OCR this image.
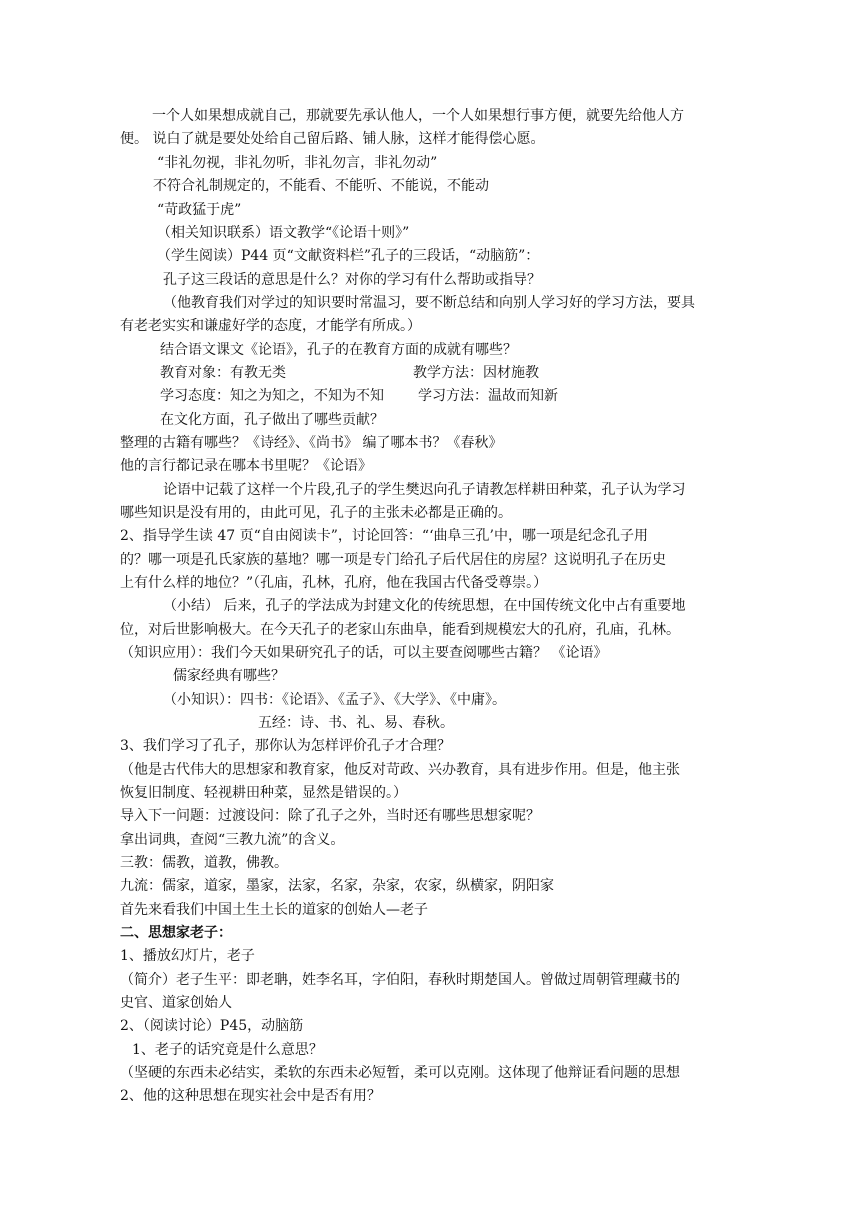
一个人如果想成就自己，那就要先承认他人，一个人如果想行事方便，就要先给他人方
便。 说白了就是要处处给自己留后路、铺人脉，这样才能得偿心愿。
“非礼勿视，非礼勿听，非礼勿言，非礼勿动”
不符合礼制规定的，不能看、不能听、不能说，不能动
“苛政猛于虎”
（相关知识联系）语文教学“《论语十则》”
（学生阅读）P44 页“文献资料栏”孔子的三段话，“动脑筋”：
孔子这三段话的意思是什么？对你的学习有什么帮助或指导？
（他教育我们对学过的知识要时常温习，要不断总结和向别人学习好的学习方法，要具
有老老实实和谦虚好学的态度，才能学有所成。）
结合语文课文《论语》，孔子的在教育方面的成就有哪些？
教育对象：有教无类	教学方法：因材施教
学习态度：知之为知之，不知为不知 学习方法：温故而知新
在文化方面，孔子做出了哪些贡献？
整理的古籍有哪些？《诗经》、《尚书》 编了哪本书？《春秋》
他的言行都记录在哪本书里呢？《论语》
论语中记载了这样一个片段,孔子的学生樊迟向孔子请教怎样耕田种菜，孔子认为学习
哪些知识是没有用的，由此可见，孔子的主张未必都是正确的。
2、指导学生读 47 页“自由阅读卡”，讨论回答：“‘曲阜三孔’中，哪一项是纪念孔子用
的？哪一项是孔氏家族的墓地？哪一项是专门给孔子后代居住的房屋？这说明孔子在历史
上有什么样的地位？”（孔庙，孔林，孔府，他在我国古代备受尊崇。）
（小结） 后来，孔子的学法成为封建文化的传统思想，在中国传统文化中占有重要地
位，对后世影响极大。在今天孔子的老家山东曲阜，能看到规模宏大的孔府，孔庙，孔林。
（知识应用）：我们今天如果研究孔子的话，可以主要查阅哪些古籍？ 《论语》
儒家经典有哪些？
（小知识）：四书：《论语》、《孟子》、《大学》、《中庸》。
五经：诗、书、礼、易、春秋。
3、我们学习了孔子，那你认为怎样评价孔子才合理？
（他是古代伟大的思想家和教育家，他反对苛政、兴办教育，具有进步作用。但是，他主张
恢复旧制度、轻视耕田种菜，显然是错误的。）
导入下一问题：过渡设问：除了孔子之外，当时还有哪些思想家呢？
拿出词典，查阅“三教九流”的含义。
三教：儒教，道教，佛教。
九流：儒家，道家，墨家，法家，名家，杂家，农家，纵横家，阴阳家
首先来看我们中国土生土长的道家的创始人—老子
二、思想家老子：
1、播放幻灯片，老子
（简介）老子生平：即老聃，姓李名耳，字伯阳，春秋时期楚国人。曾做过周朝管理藏书的
史官、道家创始人
2、（阅读讨论）P45，动脑筋
1、老子的话究竟是什么意思？
（坚硬的东西未必结实，柔软的东西未必短暂，柔可以克刚。这体现了他辩证看问题的思想
2、他的这种思想在现实社会中是否有用？
